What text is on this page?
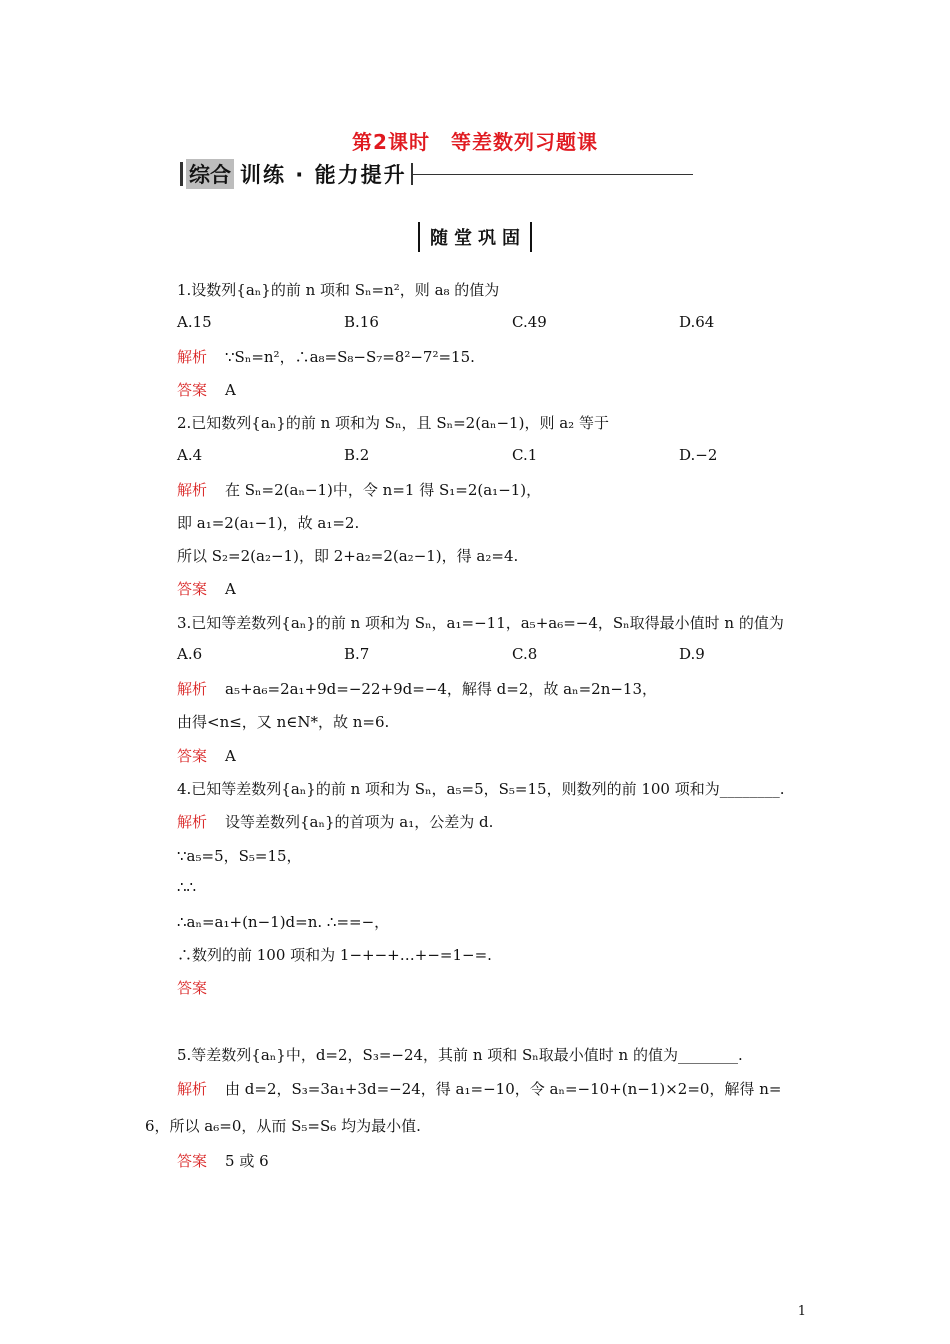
第2课时　等差数列习题课
综合 训练 · 能力提升
随堂巩固
1.设数列{aₙ}的前 n 项和 Sₙ=n²，则 a₈ 的值为
A.15	B.16	C.49	D.64
解析 ∵Sₙ=n²，∴a₈=S₈−S₇=8²−7²=15.
答案 A
2.已知数列{aₙ}的前 n 项和为 Sₙ，且 Sₙ=2(aₙ−1)，则 a₂ 等于
A.4	B.2	C.1	D.−2
解析 在 Sₙ=2(aₙ−1)中，令 n=1 得 S₁=2(a₁−1)，
即 a₁=2(a₁−1)，故 a₁=2.
所以 S₂=2(a₂−1)，即 2+a₂=2(a₂−1)，得 a₂=4.
答案 A
3.已知等差数列{aₙ}的前 n 项和为 Sₙ，a₁=−11，a₅+a₆=−4，Sₙ取得最小值时 n 的值为
A.6	B.7	C.8	D.9
解析 a₅+a₆=2a₁+9d=−22+9d=−4，解得 d=2，故 aₙ=2n−13，
由得<n≤，又 n∈N*，故 n=6.
答案 A
4.已知等差数列{aₙ}的前 n 项和为 Sₙ，a₅=5，S₅=15，则数列的前 100 项和为________.
解析 设等差数列{aₙ}的首项为 a₁，公差为 d.
∵a₅=5，S₅=15，
∴∴
∴aₙ=a₁+(n−1)d=n. ∴==−，
∴数列的前 100 项和为 1−+−+…+−=1−=.
答案
5.等差数列{aₙ}中，d=2，S₃=−24，其前 n 项和 Sₙ取最小值时 n 的值为________.
解析 由 d=2，S₃=3a₁+3d=−24，得 a₁=−10，令 aₙ=−10+(n−1)×2=0，解得 n=
6，所以 a₆=0，从而 S₅=S₆ 均为最小值.
答案 5 或 6
1
